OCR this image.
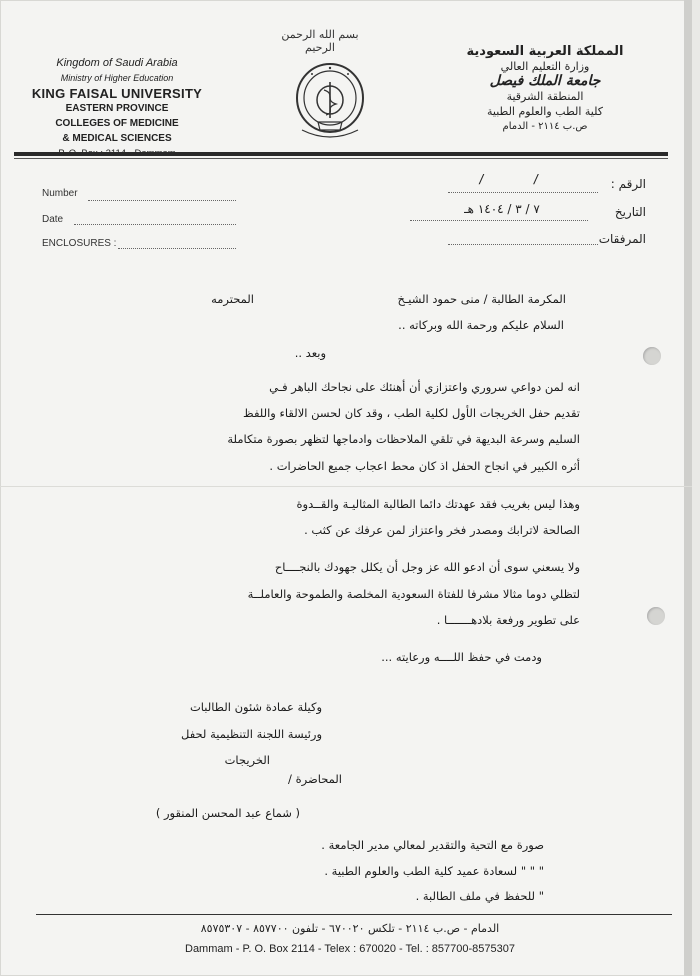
بسم الله الرحمن الرحيم
Kingdom of Saudi Arabia
Ministry of Higher Education
KING FAISAL UNIVERSITY
EASTERN PROVINCE
COLLEGES OF MEDICINE
& MEDICAL SCIENCES
المملكة العربية السعودية
وزارة التعليم العالي
جامعة الملك فيصل
المنطقة الشرقية
كلية الطب والعلوم الطبية
ص.ب ٢١١٤ - الدمام
Number
Date
ENCLOSURES :
الرقم :
/ /
التاريخ
٧ / ٣ / ١٤٠٤ هـ
المرفقات
المكرمة الطالبة / منى حمود الشيـخ
المحترمه
السلام عليكم ورحمة الله وبركاته ..
وبعد ..
انه لمن دواعي سروري واعتزازي أن أهنئك على نجاحك الباهر فـي
تقديم حفل الخريجات الأول لكلية الطب ، وقد كان لحسن الالقاء واللفظ
السليم وسرعة البديهة في تلقي الملاحظات وادماجها لتظهر بصورة متكاملة
أثره الكبير في انجاح الحفل اذ كان محط اعجاب جميع الحاضرات .
وهذا ليس بغريب فقد عهدتك دائما الطالبة المثاليـة والقــدوة
الصالحة لاترابك ومصدر فخر واعتزاز لمن عرفك عن كثب .
ولا يسعني سوى أن ادعو الله عز وجل أن يكلل جهودك بالنجــــاح
لتظلي دوما مثالا مشرفا للفتاة السعودية المخلصة والطموحة والعاملــة
على تطوير ورفعة بلادهـــــــا .
ودمت في حفظ اللــــه ورعايته ...
وكيلة عمادة شئون الطالبات
ورئيسة اللجنة التنظيمية لحفل
الخريجات
المحاضرة /
( شماع عبد المحسن المنقور )
صورة مع التحية والتقدير لمعالي مدير الجامعة .
" " " لسعادة عميد كلية الطب والعلوم الطبية .
" للحفظ في ملف الطالبة .
الدمام - ص.ب ٢١١٤ - تلكس ٦٧٠٠٢٠ - تلفون ٨٥٧٧٠٠ - ٨٥٧٥٣٠٧
Dammam - P. O. Box 2114 - Telex : 670020 - Tel. : 857700-8575307
